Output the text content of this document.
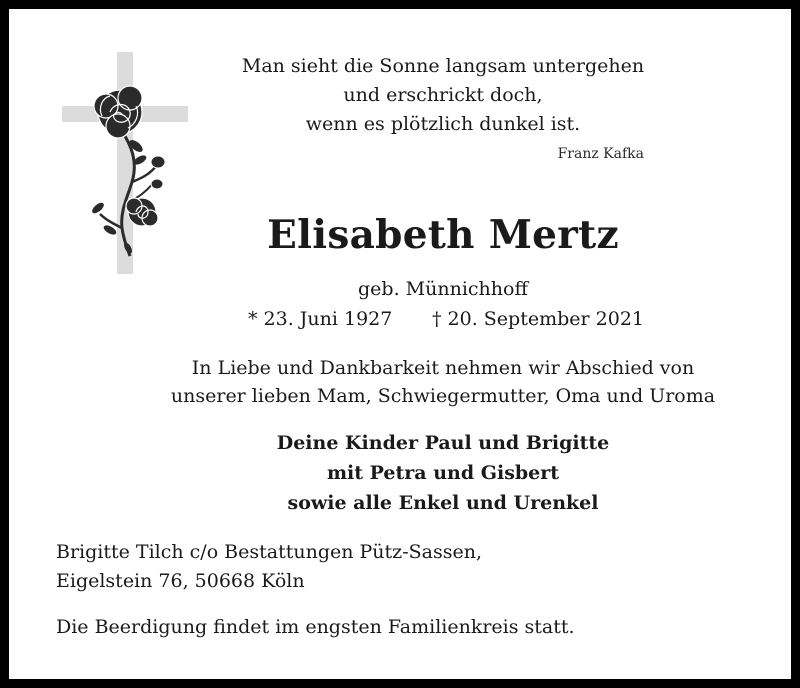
Man sieht die Sonne langsam untergehen
und erschrickt doch,
wenn es plötzlich dunkel ist.
Franz Kafka
Elisabeth Mertz
geb. Münnichhoff
* 23. Juni 1927 † 20. September 2021
In Liebe und Dankbarkeit nehmen wir Abschied von
unserer lieben Mam, Schwiegermutter, Oma und Uroma
Deine Kinder Paul und Brigitte
mit Petra und Gisbert
sowie alle Enkel und Urenkel
Brigitte Tilch c/o Bestattungen Pütz-Sassen,
Eigelstein 76, 50668 Köln
Die Beerdigung findet im engsten Familienkreis statt.
